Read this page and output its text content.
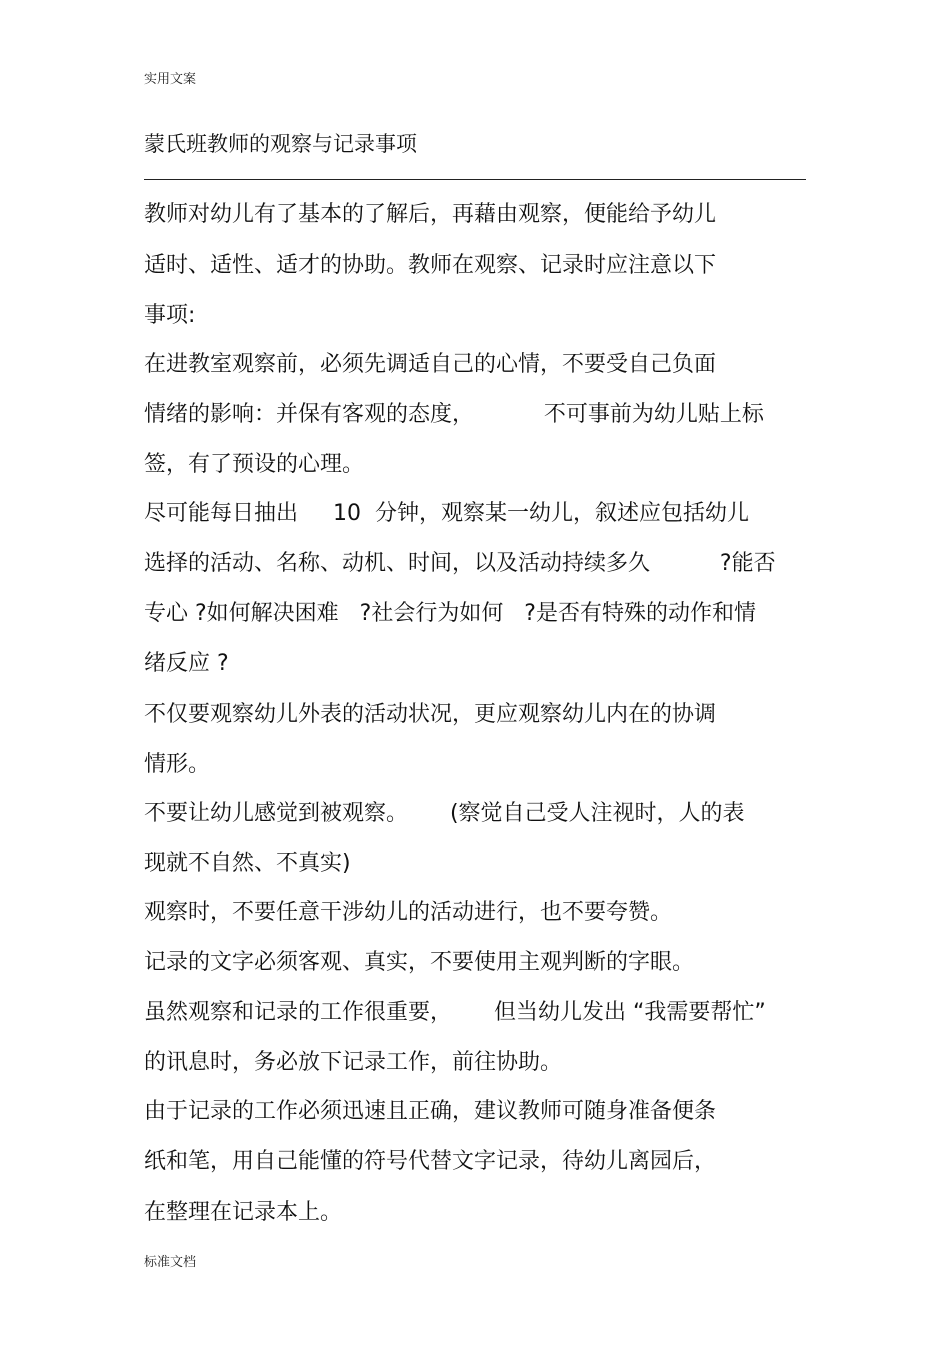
实用文案
蒙氏班教师的观察与记录事项
教师对幼儿有了基本的了解后，再藉由观察，便能给予幼儿
适时、适性、适才的协助。教师在观察、记录时应注意以下
事项:
在进教室观察前，必须先调适自己的心情，不要受自己负面
情绪的影响：并保有客观的态度，          不可事前为幼儿贴上标
签，有了预设的心理。
尽可能每日抽出     10  分钟，观察某一幼儿，叙述应包括幼儿
选择的活动、名称、动机、时间，以及活动持续多久          ?能否
专心 ?如何解决困难   ?社会行为如何   ?是否有特殊的动作和情
绪反应 ?
不仅要观察幼儿外表的活动状况，更应观察幼儿内在的协调
情形。
不要让幼儿感觉到被观察。      (察觉自己受人注视时，人的表
现就不自然、不真实)
观察时，不要任意干涉幼儿的活动进行，也不要夸赞。
记录的文字必须客观、真实，不要使用主观判断的字眼。
虽然观察和记录的工作很重要，      但当幼儿发出 “我需要帮忙”
的讯息时，务必放下记录工作，前往协助。
由于记录的工作必须迅速且正确，建议教师可随身准备便条
纸和笔，用自己能懂的符号代替文字记录，待幼儿离园后，
在整理在记录本上。
标准文档
